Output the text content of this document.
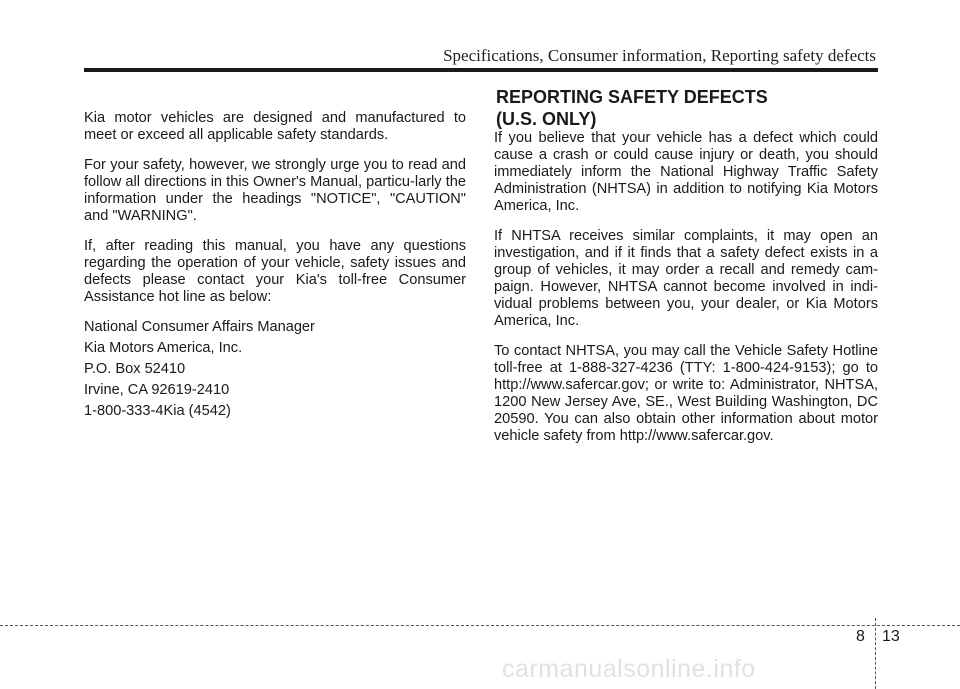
Specifications, Consumer information, Reporting safety defects

Kia motor vehicles are designed and manufactured to meet or exceed all applicable safety standards.

For your safety, however, we strongly urge you to read and follow all directions in this Owner's Manual, particu-larly the information under the headings "NOTICE", "CAUTION" and "WARNING".

If, after reading this manual, you have any questions regarding the operation of your vehicle, safety issues and defects please contact your Kia's toll-free Consumer Assistance hot line as below:

National Consumer Affairs Manager

Kia Motors America, Inc.

P.O. Box 52410

Irvine, CA 92619-2410

1-800-333-4Kia (4542)

REPORTING SAFETY DEFECTS
(U.S. ONLY)

If you believe that your vehicle has a defect which could cause a crash or could cause injury or death, you should immediately inform the National Highway Traffic Safety Administration (NHTSA) in addition to notifying Kia Motors America, Inc.

If NHTSA receives similar complaints, it may open an investigation, and if it finds that a safety defect exists in a group of vehicles, it may order a recall and remedy cam-paign. However, NHTSA cannot become involved in indi-vidual problems between you, your dealer, or Kia Motors America, Inc.

To contact NHTSA, you may call the Vehicle Safety Hotline toll-free at 1-888-327-4236 (TTY: 1-800-424-9153); go to http://www.safercar.gov; or write to: Administrator, NHTSA, 1200 New Jersey Ave, SE., West Building Washington, DC 20590. You can also obtain other information about motor vehicle safety from http://www.safercar.gov.

8 13
carmanualsonline.info
